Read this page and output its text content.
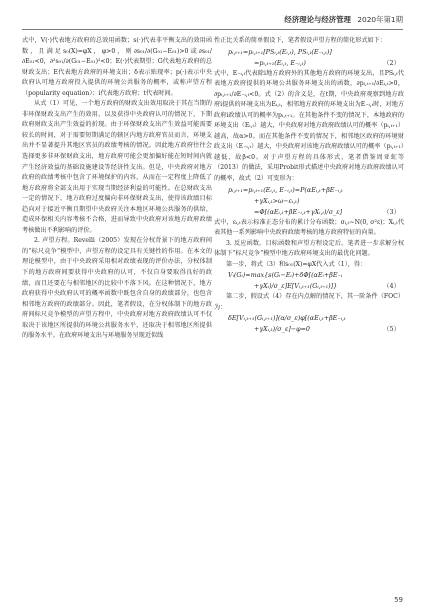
经济理论与经济管理 2020年第1期

式中，V(·)代表地方政府的总效用函数；s(·)代表非平衡支出的效用函数，且满足s₀(X)=φX，φ>0，则∂s₀₁/∂(G₀₁−E₀₁)>0或∂s₀₁/∂E₀₁<0，∂²s₀₁/∂(G₀₁−E₀₁)²<0；E(·)代表期望；G代表地方政府的总财政支出；E代表地方政府的环境支出；δ表示贴现率；p(·)表示中央政府认可地方政府投入提供的环境公共服务的概率，或称声望方程（popularity equation）；i代表地方政府；t代表时间。

从式（1）可见，一个地方政府的财政支出效用取决于其在当期的非环保财政支出产生的效用，以及获得中央政府认可的情况下，下期政府财政支出产生效益的折现。由于环保财政支出产生效益可能需要较长的时间，对于需要短期满足的辖区内地方政府官员而言，环境支出并不显著提升其地区官员的政绩考核的情况。因此地方政府往往会选择更多非环保财政支出，地方政府可能会更加偏好能在短时间内就产生经济效益的基础设施建设等经济性支出。但是，中央政府对地方政府的政绩考核中包含了环境保护的内容，从而在一定程度上降低了地方政府将全部支出用于实现当期经济利益的可能性。在总财政支出一定的情况下，地方政府过度偏向非环保财政支出，使得该政绩目标趋向对于接近平衡且期望中央政府关注本地区环境公共服务的供给，造成环保相关内容考核不合格，进而导致中央政府对该地方政府政绩考核做出不利影响的评价。

2. 声望方程。Revelli（2005）发现在分权背景下的地方政府间的“标尺竞争”模型中，声望方程的设定具有关键性的作用。在本文的理论模型中，由于中央政府采用相对政绩表现的评价办法，分权体制下的地方政府间要获得中央政府的认可，不仅自身要取得良好的政绩，而且还要在与相邻地区的比较中不落下风。在这种情况下，地方政府获得中央政府认可的概率函数中既包含自身的政绩部分，也包含相邻地方政府的政绩部分。因此，笔者假设，在分权体制下的地方政府间标尺竞争模型的声望方程中，中央政府对地方政府政绩认可不仅取决于该地区所提供的环境公共服务水平，还取决于相邻地区所提供的服务水平。在政府环境支出与环境服务呈现近似线

性正比关系的简单假设下，笔者假设声望方程的简化形式如下：

pᵢ,ₜ₊₁=pᵢ,ₜ₊₁[PSᵢ,ₜ(Eᵢ,ₜ), PSᵢ,ₜ(E₋ᵢ,ₜ)]
=pᵢ,ₜ₊₁(Eᵢ,ₜ, E₋ᵢ,ₜ)	（2）

式中，E₋ᵢ,ₜ代表除i地方政府外的其他地方政府的环境支出，且PSᵢ,ₜ代表地方政府提供的环境公共服务环境支出的函数，∂pᵢ,ₜ₊₁/∂Eᵢ,ₜ>0，∂pᵢ,ₜ₊₁/∂E₋ᵢ,ₜ<0。式（2）的含义是，在t期，中央政府观察到地方政府i提供的环境支出为Eᵢ,ₜ，相邻地方政府的环境支出为E₋ᵢ,ₜ时，对地方政府i政绩认可的概率为pᵢ,ₜ₊₁。在其他条件不变的情况下，本地政府的环境支出（Eᵢ,ₜ）越大，中央政府对地方政府政绩认可的概率（pᵢ,ₜ₊₁）越高，故α>0。而在其他条件不变的情况下，相邻地区政府的环境财政支出（E₋ᵢ,ₜ）越大，中央政府对该地方政府政绩认可的概率（pᵢ,ₜ₊₁）越低，故β<0。对于声望方程的具体形式，笔者借鉴周亚虹等（2013）的做法，采用Probit形式描述中央政府对地方政府政绩认可的概率，故式（2）可变形为：

pᵢ,ₜ₊₁=pᵢ,ₜ₊₁(Eᵢ,ₜ, E₋ᵢ,ₜ)=P(αEᵢ,ₜ+βE₋ᵢ,ₜ
+γXᵢ,ₜ>ω−εᵢ,ₜ)
=Φ[(αEᵢ,ₜ+βE₋ᵢ,ₜ+γXᵢ,ₜ)/σ_ε]	（3）

式中，εᵢ,ₜ表示标准正态分布的累计分布函数；σᵢ,ₜ~N(0, σ²ε)；Xᵢ,ₜ代表其他一系列影响中央政府政绩考核的地方政府特征的向量。

3. 反应函数。目标函数和声望方程设定后，笔者进一步求解分权体制下“标尺竞争”模型中地方政府环境支出的最优化问题。

第一步，将式（3）和s₀₁(X)=φX代入式（1），得：

Vᵢ(Gᵢ)=max{s(Gᵢ−Eᵢ)+δΦ[(αEᵢ+βE₋ᵢ
+γXᵢ)/σ_ε]E[Vᵢ,ₜ₊₁(Gᵢ,ₜ₊₁)]}	（4）

第二步，假设式（4）存在内点解的情况下，其一阶条件（FOC）为：

δE[Vᵢ,ₜ₊₁(Gᵢ,ₜ₊₁)](α/σ_ε)φ[(αEᵢ,ₜ+βE₋ᵢ,ₜ
+γXᵢ,ₜ)/σ_ε]−φ=0	（5）
59
